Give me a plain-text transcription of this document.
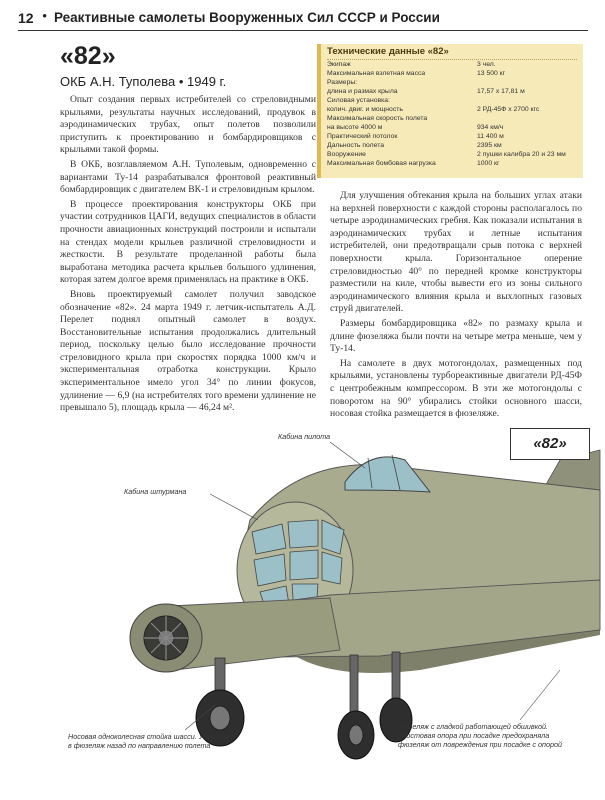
12 • Реактивные самолеты Вооруженных Сил СССР и России
«82»
ОКБ А.Н. Туполева • 1949 г.

Опыт создания первых истребителей со стреловидными крыльями, результаты научных исследований, продувок в аэродинамических трубах, опыт полетов позволили приступить к проектированию и бомбардировщиков с крыльями такой формы.

В ОКБ, возглавляемом А.Н. Туполевым, одновременно с вариантами Ту-14 разрабатывался фронтовой реактивный бомбардировщик с двигателем ВК-1 и стреловидным крылом.

В процессе проектирования конструкторы ОКБ при участии сотрудников ЦАГИ, ведущих специалистов в области прочности авиационных конструкций построили и испытали на стендах модели крыльев различной стреловидности и жесткости. В результате проделанной работы была выработана методика расчета крыльев большого удлинения, которая затем долгое время применялась на практике в ОКБ.

Вновь проектируемый самолет получил заводское обозначение «82». 24 марта 1949 г. летчик-испытатель А.Д. Перелет поднял опытный самолет в воздух. Восстановительные испытания продолжались длительный период, поскольку целью было исследование прочности стреловидного крыла при скоростях порядка 1000 км/ч и экспериментальная отработка конструкции. Крыло экспериментальное имело угол 34° по линии фокусов, удлинение — 6,9 (на истребителях того времени удлинение не превышало 5), площадь крыла — 46,24 м².

Технические данные «82»
Экипаж	3 чел.
Максимальная взлетная масса	13 500 кг
Размеры:
длина и размах крыла	17,57 х 17,81 м
Силовая установка:
колич. двиг. и мощность	2 РД-45Ф х 2700 кгс
Максимальная скорость полета
на высоте 4000 м	934 км/ч
Практический потолок	11 400 м
Дальность полета	2395 км
Вооружение	2 пушки калибра 20 и 23 мм
Максимальная бомбовая нагрузка	1000 кг

Для улучшения обтекания крыла на больших углах атаки на верхней поверхности с каждой стороны располагалось по четыре аэродинамических гребня. Как показали испытания в аэродинамических трубах и летные испытания истребителей, они предотвращали срыв потока с верхней поверхности крыла. Горизонтальное оперение стреловидностью 40° по передней кромке конструкторы разместили на киле, чтобы вывести его из зоны сильного аэродинамического влияния крыла и выхлопных газовых струй двигателей.

Размеры бомбардировщика «82» по размаху крыла и длине фюзеляжа были почти на четыре метра меньше, чем у Ту-14.

На самолете в двух мотогондолах, размещенных под крыльями, установлены турбореактивные двигатели РД-45Ф с центробежным компрессором. В эти же мотогондолы с поворотом на 90° убирались стойки основного шасси, носовая стойка размещается в фюзеляже.

«82»
Кабина пилота
Кабина штурмана
Носовая одноколесная стойка шасси. Убиралась
в фюзеляж назад по направлению полета
Фюзеляж с гладкой работающей обшивкой.
Хвостовая опора при посадке предохраняла
фюзеляж от повреждения при посадке с опорой
